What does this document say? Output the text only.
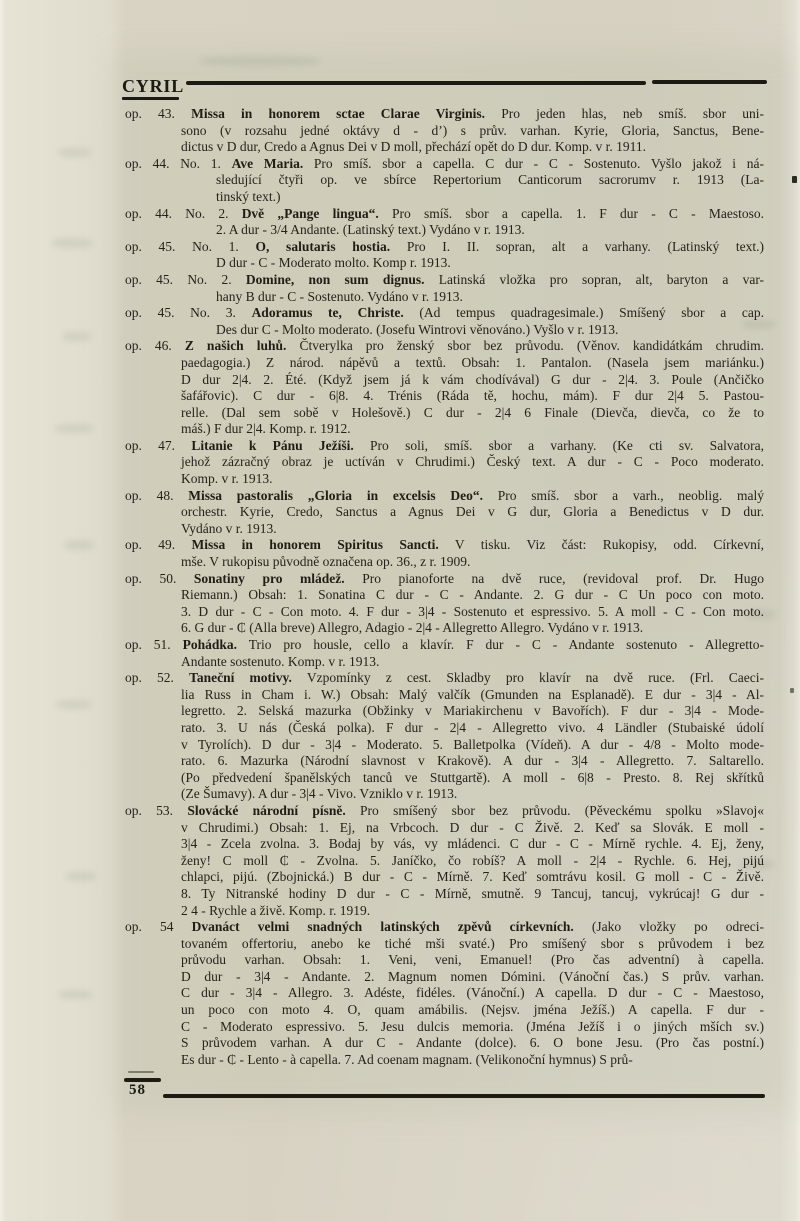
CYRIL
op. 43. Missa in honorem sctae Clarae Virginis. Pro jeden hlas, neb smíš. sbor uni-
sono (v rozsahu jedné oktávy d - d’) s prův. varhan. Kyrie, Gloria, Sanctus, Bene-
dictus v D dur, Credo a Agnus Dei v D moll, přechází opět do D dur. Komp. v r. 1911.
op. 44. No. 1. Ave Maria. Pro smíš. sbor a capella. C dur - C - Sostenuto. Vyšlo jakož i ná-
sledující čtyři op. ve sbírce Repertorium Canticorum sacrorumv r. 1913 (La-
tinský text.)
op. 44. No. 2. Dvě „Pange lingua“. Pro smíš. sbor a capella. 1. F dur - C - Maestoso.
2. A dur - 3/4 Andante. (Latinský text.) Vydáno v r. 1913.
op. 45. No. 1. O, salutaris hostia. Pro I. II. sopran, alt a varhany. (Latinský text.)
D dur - C - Moderato molto. Komp r. 1913.
op. 45. No. 2. Domine, non sum dignus. Latinská vložka pro sopran, alt, baryton a var-
hany B dur - C - Sostenuto. Vydáno v r. 1913.
op. 45. No. 3. Adoramus te, Christe. (Ad tempus quadragesimale.) Smíšený sbor a cap.
Des dur C - Molto moderato. (Josefu Wintrovi věnováno.) Vyšlo v r. 1913.
op. 46. Z našich luhů. Čtverylka pro ženský sbor bez průvodu. (Věnov. kandidátkám chrudim.
paedagogia.) Z národ. nápěvů a textů. Obsah: 1. Pantalon. (Nasela jsem mariánku.)
D dur 2|4. 2. Été. (Když jsem já k vám chodívával) G dur - 2|4. 3. Poule (Ančičko
šafářovic). C dur - 6|8. 4. Trénis (Ráda tě, hochu, mám). F dur 2|4 5. Pastou-
relle. (Dal sem sobě v Holešově.) C dur - 2|4 6 Finale (Dievča, dievča, co že to
máš.) F dur 2|4. Komp. r. 1912.
op. 47. Litanie k Pánu Ježíši. Pro soli, smíš. sbor a varhany. (Ke cti sv. Salvatora,
jehož zázračný obraz je uctíván v Chrudimi.) Český text. A dur - C - Poco moderato.
Komp. v r. 1913.
op. 48. Missa pastoralis „Gloria in excelsis Deo“. Pro smíš. sbor a varh., neoblig. malý
orchestr. Kyrie, Credo, Sanctus a Agnus Dei v G dur, Gloria a Benedictus v D dur.
Vydáno v r. 1913.
op. 49. Missa in honorem Spiritus Sancti. V tisku. Viz část: Rukopisy, odd. Církevní,
mše. V rukopisu původně označena op. 36., z r. 1909.
op. 50. Sonatiny pro mládež. Pro pianoforte na dvě ruce, (revidoval prof. Dr. Hugo
Riemann.) Obsah: 1. Sonatina C dur - C - Andante. 2. G dur - C Un poco con moto.
3. D dur - C - Con moto. 4. F dur - 3|4 - Sostenuto et espressivo. 5. A moll - C - Con moto.
6. G dur - ₵ (Alla breve) Allegro, Adagio - 2|4 - Allegretto Allegro. Vydáno v r. 1913.
op. 51. Pohádka. Trio pro housle, cello a klavír. F dur - C - Andante sostenuto - Allegretto-
Andante sostenuto. Komp. v r. 1913.
op. 52. Taneční motivy. Vzpomínky z cest. Skladby pro klavír na dvě ruce. (Frl. Caeci-
lia Russ in Cham i. W.) Obsah: Malý valčík (Gmunden na Esplanadě). E dur - 3|4 - Al-
legretto. 2. Selská mazurka (Obžinky v Mariakirchenu v Bavořích). F dur - 3|4 - Mode-
rato. 3. U nás (Česká polka). F dur - 2|4 - Allegretto vivo. 4 Ländler (Stubaiské údolí
v Tyrolích). D dur - 3|4 - Moderato. 5. Balletpolka (Vídeň). A dur - 4/8 - Molto mode-
rato. 6. Mazurka (Národní slavnost v Krakově). A dur - 3|4 - Allegretto. 7. Saltarello.
(Po předvedení španělských tanců ve Stuttgartě). A moll - 6|8 - Presto. 8. Rej skřítků
(Ze Šumavy). A dur - 3|4 - Vivo. Vzniklo v r. 1913.
op. 53. Slovácké národní písně. Pro smíšený sbor bez průvodu. (Pěveckému spolku »Slavoj«
v Chrudimi.) Obsah: 1. Ej, na Vrbcoch. D dur - C Živě. 2. Keď sa Slovák. E moll -
3|4 - Zcela zvolna. 3. Bodaj by vás, vy mládenci. C dur - C - Mírně rychle. 4. Ej, ženy,
ženy! C moll ₵ - Zvolna. 5. Janíčko, čo robíš? A moll - 2|4 - Rychle. 6. Hej, pijú
chlapci, pijú. (Zbojnická.) B dur - C - Mírně. 7. Keď somtrávu kosil. G moll - C - Živě.
8. Ty Nitranské hodiny D dur - C - Mírně, smutně. 9 Tancuj, tancuj, vykrúcaj! G dur -
2 4 - Rychle a živě. Komp. r. 1919.
op. 54 Dvanáct velmi snadných latinských zpěvů církevních. (Jako vložky po odreci-
tovaném offertoriu, anebo ke tiché mši svaté.) Pro smíšený sbor s průvodem i bez
průvodu varhan. Obsah: 1. Veni, veni, Emanuel! (Pro čas adventní) à capella.
D dur - 3|4 - Andante. 2. Magnum nomen Dómini. (Vánoční čas.) S prův. varhan.
C dur - 3|4 - Allegro. 3. Adéste, fidéles. (Vánoční.) A capella. D dur - C - Maestoso,
un poco con moto 4. O, quam amábilis. (Nejsv. jména Ježíš.) A capella. F dur -
C - Moderato espressivo. 5. Jesu dulcis memoria. (Jména Ježíš i o jiných mších sv.)
S průvodem varhan. A dur C - Andante (dolce). 6. O bone Jesu. (Pro čas postní.)
Es dur - ₵ - Lento - à capella. 7. Ad coenam magnam. (Velikonoční hymnus) S prů-
58
